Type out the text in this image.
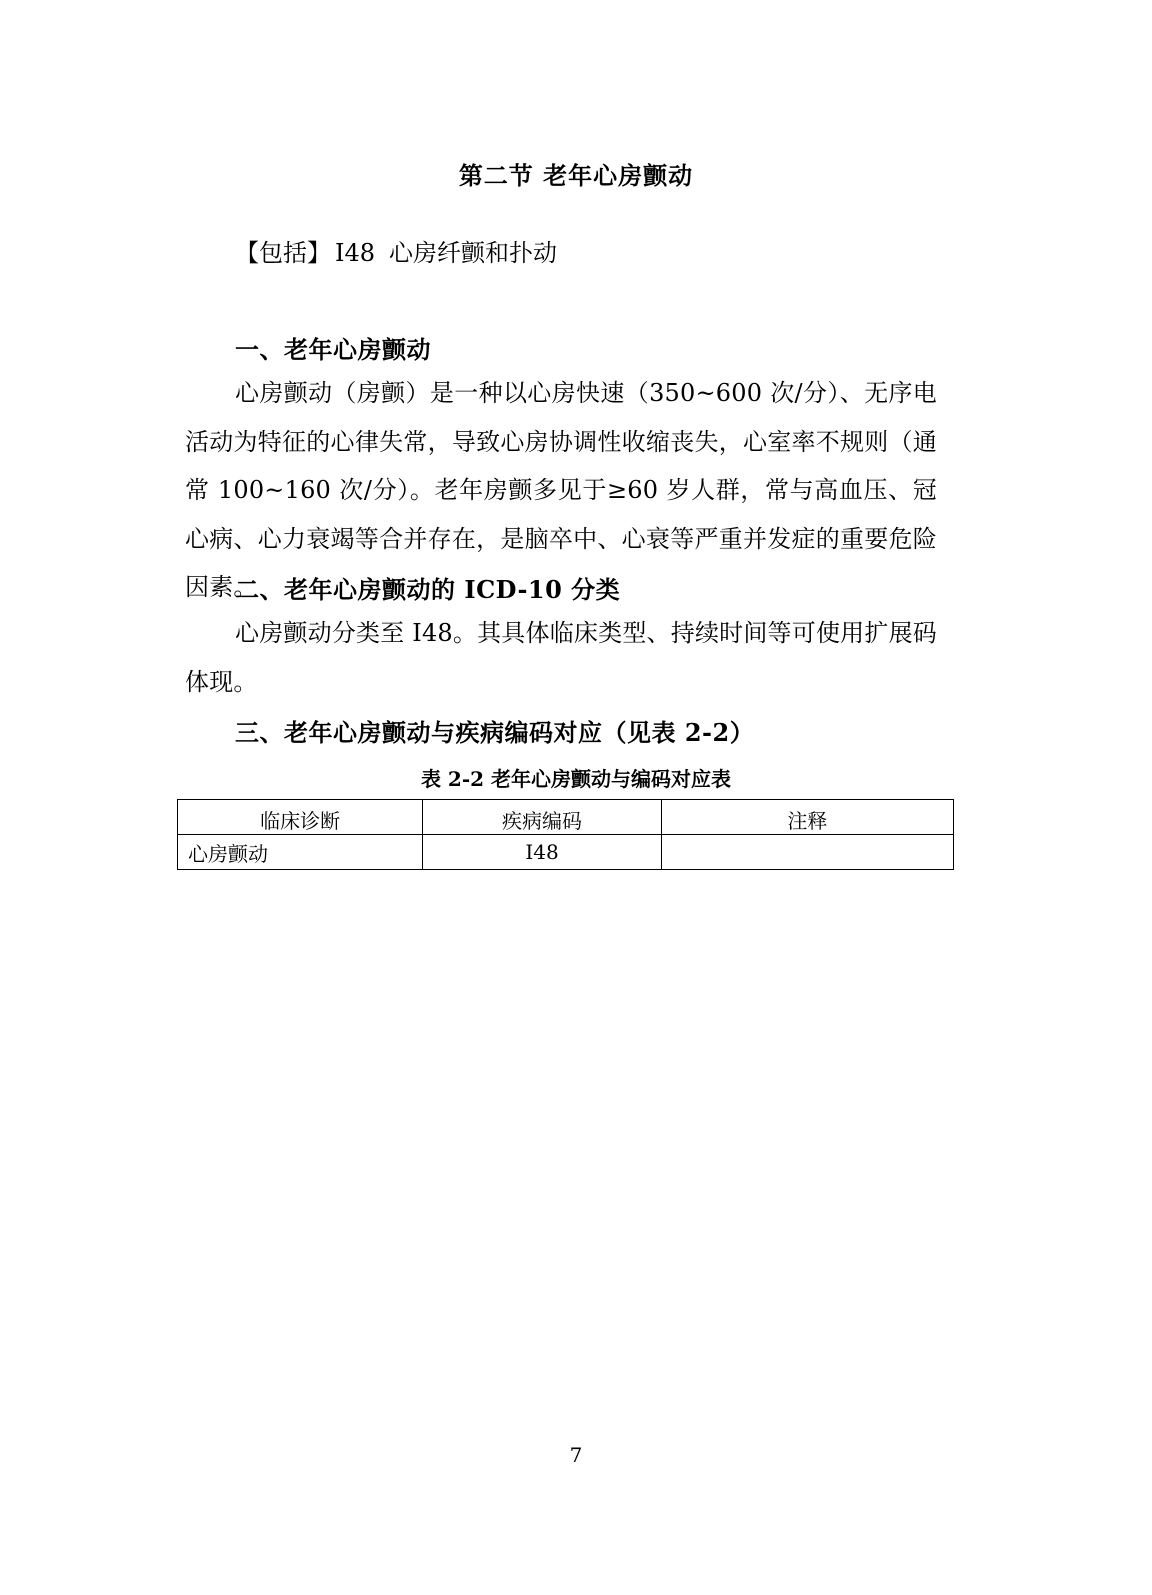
第二节 老年心房颤动
【包括】 I48 心房纤颤和扑动
一、老年心房颤动
心房颤动（房颤）是一种以心房快速（350~600 次/分）、无序电活动为特征的心律失常，导致心房协调性收缩丧失，心室率不规则（通常 100~160 次/分）。老年房颤多见于≥60 岁人群，常与高血压、冠心病、心力衰竭等合并存在，是脑卒中、心衰等严重并发症的重要危险因素。
二、老年心房颤动的 ICD-10 分类
心房颤动分类至 I48。其具体临床类型、持续时间等可使用扩展码体现。
三、老年心房颤动与疾病编码对应（见表 2-2）
表 2-2 老年心房颤动与编码对应表
临床诊断	疾病编码	注释
心房颤动	I48	
7
